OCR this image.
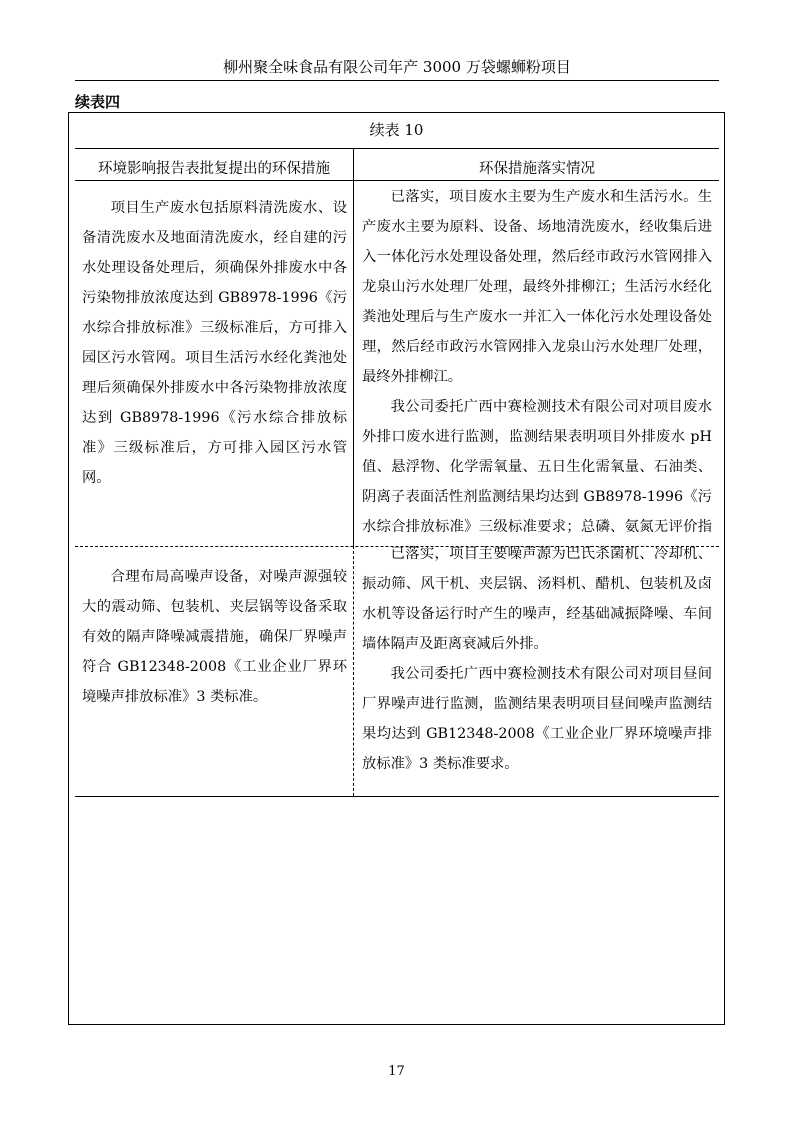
柳州聚全味食品有限公司年产 3000 万袋螺蛳粉项目
续表四
续表 10
环境影响报告表批复提出的环保措施	环保措施落实情况

项目生产废水包括原料清洗废水、设备清洗废水及地面清洗废水，经自建的污水处理设备处理后，须确保外排废水中各污染物排放浓度达到 GB8978-1996《污水综合排放标准》三级标准后，方可排入园区污水管网。项目生活污水经化粪池处理后须确保外排废水中各污染物排放浓度达到 GB8978-1996《污水综合排放标准》三级标准后，方可排入园区污水管网。

已落实，项目废水主要为生产废水和生活污水。生产废水主要为原料、设备、场地清洗废水，经收集后进入一体化污水处理设备处理，然后经市政污水管网排入龙泉山污水处理厂处理，最终外排柳江；生活污水经化粪池处理后与生产废水一并汇入一体化污水处理设备处理，然后经市政污水管网排入龙泉山污水处理厂处理，最终外排柳江。

我公司委托广西中赛检测技术有限公司对项目废水外排口废水进行监测，监测结果表明项目外排废水 pH 值、悬浮物、化学需氧量、五日生化需氧量、石油类、阴离子表面活性剂监测结果均达到 GB8978-1996《污水综合排放标准》三级标准要求；总磷、氨氮无评价指

合理布局高噪声设备，对噪声源强较大的震动筛、包装机、夹层锅等设备采取有效的隔声降噪减震措施，确保厂界噪声符合 GB12348-2008《工业企业厂界环境噪声排放标准》3 类标准。

已落实，项目主要噪声源为巴氏杀菌机、冷却机、振动筛、风干机、夹层锅、汤料机、醋机、包装机及卤水机等设备运行时产生的噪声，经基础减振降噪、车间墙体隔声及距离衰减后外排。

我公司委托广西中赛检测技术有限公司对项目昼间厂界噪声进行监测，监测结果表明项目昼间噪声监测结果均达到 GB12348-2008《工业企业厂界环境噪声排放标准》3 类标准要求。

17
